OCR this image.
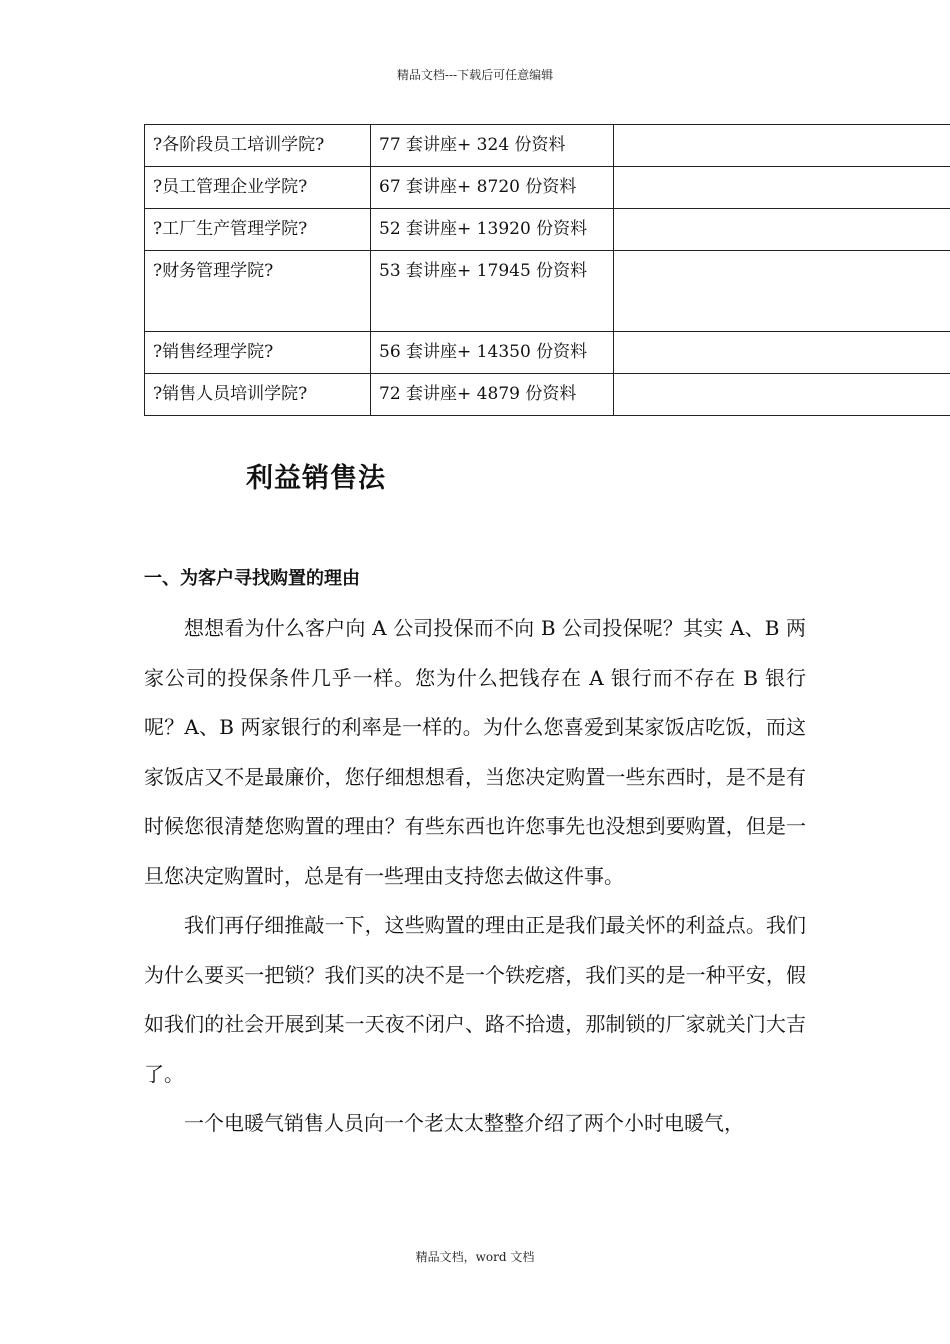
精品文档---下载后可任意编辑
?各阶段员工培训学院?	77 套讲座+ 324 份资料	
?员工管理企业学院?	67 套讲座+ 8720 份资料	
?工厂生产管理学院?	52 套讲座+ 13920 份资料	
?财务管理学院?	53 套讲座+ 17945 份资料	
?销售经理学院?	56 套讲座+ 14350 份资料	
?销售人员培训学院?	72 套讲座+ 4879 份资料	
利益销售法
一、为客户寻找购置的理由

想想看为什么客户向 A 公司投保而不向 B 公司投保呢？其实 A、B 两家公司的投保条件几乎一样。您为什么把钱存在 A 银行而不存在 B 银行呢？A、B 两家银行的利率是一样的。为什么您喜爱到某家饭店吃饭，而这家饭店又不是最廉价，您仔细想想看，当您决定购置一些东西时，是不是有时候您很清楚您购置的理由？有些东西也许您事先也没想到要购置，但是一旦您决定购置时，总是有一些理由支持您去做这件事。

我们再仔细推敲一下，这些购置的理由正是我们最关怀的利益点。我们为什么要买一把锁？我们买的决不是一个铁疙瘩，我们买的是一种平安，假如我们的社会开展到某一天夜不闭户、路不拾遗，那制锁的厂家就关门大吉了。

一个电暖气销售人员向一个老太太整整介绍了两个小时电暖气，

精品文档，word 文档
